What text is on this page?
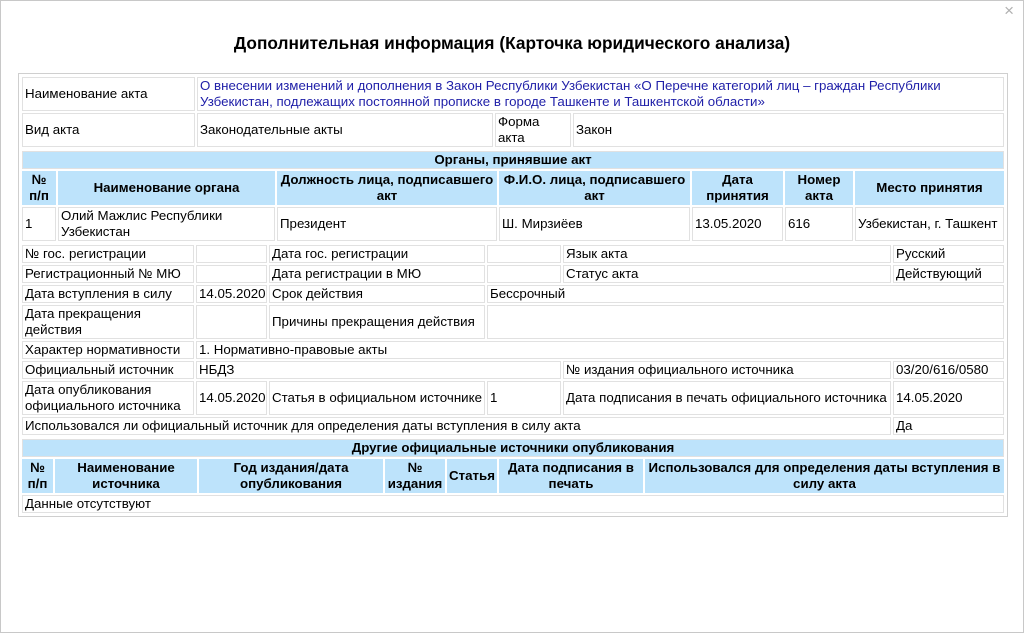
×
Дополнительная информация (Карточка юридического анализа)
Наименование акта	О внесении изменений и дополнения в Закон Республики Узбекистан «О Перечне категорий лиц – граждан Республики Узбекистан, подлежащих постоянной прописке в городе Ташкенте и Ташкентской области»		
Вид акта	Законодательные акты	Форма акта	Закон
Органы, принявшие акт						
№ п/п	Наименование органа	Должность лица, подписавшего акт	Ф.И.О. лица, подписавшего акт	Дата принятия	Номер акта	Место принятия
1	Олий Мажлис Республики Узбекистан	Президент	Ш. Мирзиёев	13.05.2020	616	Узбекистан, г. Ташкент
№ гос. регистрации		Дата гос. регистрации		Язык акта	Русский
Регистрационный № МЮ		Дата регистрации в МЮ		Статус акта	Действующий
Дата вступления в силу	14.05.2020	Срок действия	Бессрочный		
Дата прекращения действия		Причины прекращения действия			
Характер нормативности	1. Нормативно-правовые акты				
Официальный источник	НБДЗ			№ издания официального источника	03/20/616/0580
Дата опубликования официального источника	14.05.2020	Статья в официальном источнике	1	Дата подписания в печать официального источника	14.05.2020
Использовался ли официальный источник для определения даты вступления в силу акта					Да
Другие официальные источники опубликования
№ п/п	Наименование источника	Год издания/дата опубликования	№ издания	Статья	Дата подписания в печать	Использовался для определения даты вступления в силу акта
Данные отсутствуют
